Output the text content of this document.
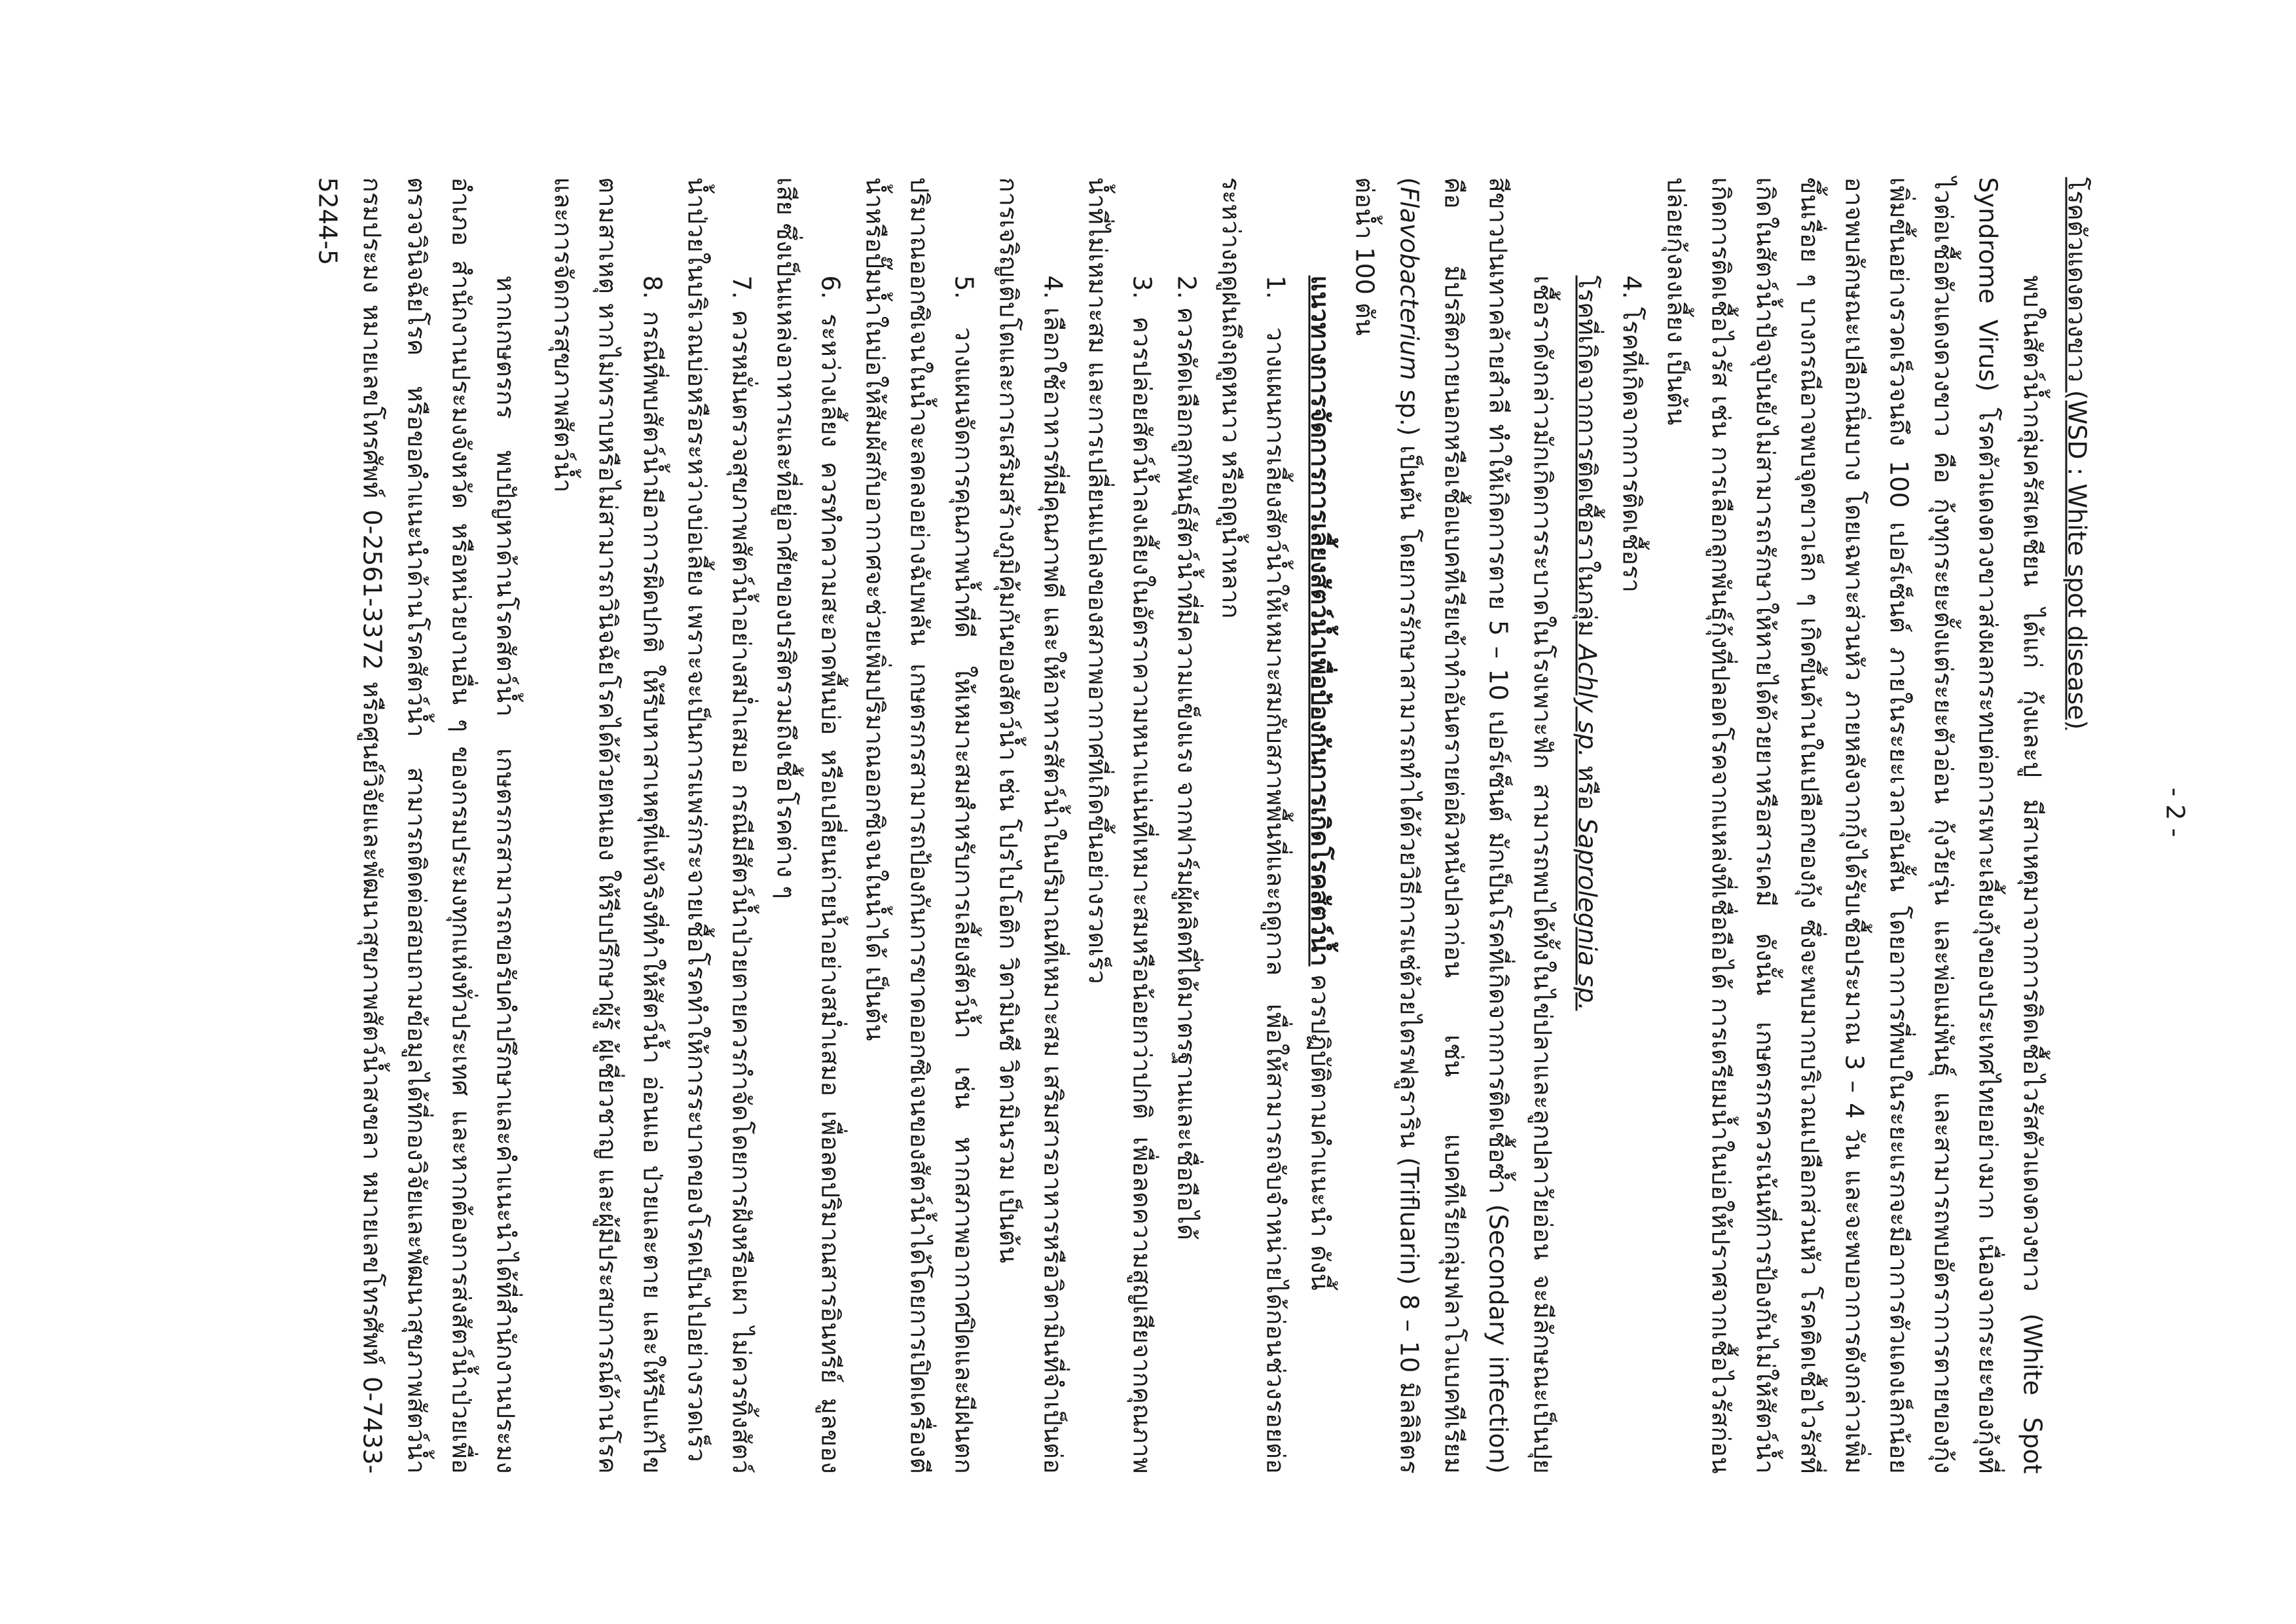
- 2 -

โรคตัวแดงดวงขาว (WSD : White spot disease)

พบในสัตว์น้ำกลุ่มครัสเตเชียน ได้แก่ กุ้งและปู มีสาเหตุมาจากการติดเชื้อไวรัสตัวแดงดวงขาว (White Spot Syndrome Virus) โรคตัวแดงดวงขาวส่งผลกระทบต่อการเพาะเลี้ยงกุ้งของประเทศไทยอย่างมาก เนื่องจากระยะของกุ้งที่ไวต่อเชื้อตัวแดงดวงขาว คือ กุ้งทุกระยะตั้งแต่ระยะตัวอ่อน กุ้งวัยรุ่น และพ่อแม่พันธุ์ และสามารถพบอัตราการตายของกุ้งเพิ่มขึ้นอย่างรวดเร็วจนถึง 100 เปอร์เซ็นต์ ภายในระยะเวลาอันสั้น โดยอาการที่พบในระยะแรกจะมีอาการตัวแดงเล็กน้อย อาจพบลักษณะเปลือกนิ่มบาง โดยเฉพาะส่วนหัว ภายหลังจากกุ้งได้รับเชื้อประมาณ 3 – 4 วัน และจะพบอาการดังกล่าวเพิ่มขึ้นเรื่อย ๆ บางกรณีอาจพบจุดขาวเล็ก ๆ เกิดขึ้นด้านในเปลือกของกุ้ง ซึ่งจะพบมากบริเวณเปลือกส่วนหัว โรคติดเชื้อไวรัสที่เกิดในสัตว์น้ำปัจจุบันยังไม่สามารถรักษาให้หายได้ด้วยยาหรือสารเคมี ดังนั้น เกษตรกรควรเน้นที่การป้องกันไม่ให้สัตว์น้ำเกิดการติดเชื้อไวรัส เช่น การเลือกลูกพันธุ์กุ้งที่ปลอดโรคจากแหล่งที่เชื่อถือได้ การเตรียมน้ำในบ่อให้ปราศจากเชื้อไวรัสก่อนปล่อยกุ้งลงเลี้ยง เป็นต้น

4. โรคที่เกิดจากการติดเชื้อรา

โรคที่เกิดจากการติดเชื้อราในกลุ่ม Achly sp. หรือ Saprolegnia sp.

เชื้อราดังกล่าวมักเกิดการระบาดในโรงเพาะฟัก สามารถพบได้ทั้งในไข่ปลาและลูกปลาวัยอ่อน จะมีลักษณะเป็นปุยสีขาวปนเทาคล้ายสำลี ทำให้เกิดการตาย 5 – 10 เปอร์เซ็นต์ มักเป็นโรคที่เกิดจากการติดเชื้อซ้ำ (Secondary infection) คือ มีปรสิตภายนอกหรือเชื้อแบคทีเรียเข้าทำอันตรายต่อผิวหนังปลาก่อน เช่น แบคทีเรียกลุ่มฟลาโวแบคทีเรียม (Flavobacterium sp.) เป็นต้น โดยการรักษาสามารถทำได้ด้วยวิธีการแช่ด้วยไตรฟลูราริน (Trifluarin) 8 – 10 มิลลิลิตรต่อน้ำ 100 ตัน

แนวทางการจัดการการเลี้ยงสัตว์น้ำเพื่อป้องกันการเกิดโรคสัตว์น้ำ ควรปฏิบัติตามคำแนะนำ ดังนี้

1. วางแผนการเลี้ยงสัตว์น้ำให้เหมาะสมกับสภาพพื้นที่และฤดูกาล เพื่อให้สามารถจับจำหน่ายได้ก่อนช่วงรอยต่อระหว่างฤดูฝนถึงฤดูหนาว หรือฤดูน้ำหลาก

2. ควรคัดเลือกลูกพันธุ์สัตว์น้ำที่มีความแข็งแรง จากฟาร์มผู้ผลิตที่ได้มาตรฐานและเชื่อถือได้

3. ควรปล่อยสัตว์น้ำลงเลี้ยงในอัตราความหนาแน่นที่เหมาะสมหรือน้อยกว่าปกติ เพื่อลดความสูญเสียจากคุณภาพน้ำที่ไม่เหมาะสม และการเปลี่ยนแปลงของสภาพอากาศที่เกิดขึ้นอย่างรวดเร็ว

4. เลือกใช้อาหารที่มีคุณภาพดี และให้อาหารสัตว์น้ำในปริมาณที่เหมาะสม เสริมสารอาหารหรือวิตามินที่จำเป็นต่อการเจริญเติบโตและการเสริมสร้างภูมิคุ้มกันของสัตว์น้ำ เช่น โปรไบโอติก วิตามินซี วิตามินรวม เป็นต้น

5. วางแผนจัดการคุณภาพน้ำที่ดี ให้เหมาะสมสำหรับการเลี้ยงสัตว์น้ำ เช่น หากสภาพอากาศปิดและมีฝนตก ปริมาณออกซิเจนในน้ำจะลดลงอย่างฉับพลัน เกษตรกรสามารถป้องกันการขาดออกซิเจนของสัตว์น้ำได้โดยการเปิดเครื่องตีน้ำหรือปั๊มน้ำในบ่อให้สัมผัสกับอากาศจะช่วยเพิ่มปริมาณออกซิเจนในน้ำได้ เป็นต้น

6. ระหว่างเลี้ยง ควรทำความสะอาดพื้นบ่อ หรือเปลี่ยนถ่ายน้ำอย่างสม่ำเสมอ เพื่อลดปริมาณสารอินทรีย์ มูลของเสีย ซึ่งเป็นแหล่งอาหารและที่อยู่อาศัยของปรสิตรวมถึงเชื้อโรคต่าง ๆ

7. ควรหมั่นตรวจสุขภาพสัตว์น้ำอย่างสม่ำเสมอ กรณีมีสัตว์น้ำป่วยตายควรกำจัดโดยการฝังหรือเผา ไม่ควรทิ้งสัตว์น้ำป่วยในบริเวณบ่อหรือระหว่างบ่อเลี้ยง เพราะจะเป็นการแพร่กระจายเชื้อโรคทำให้การระบาดของโรคเป็นไปอย่างรวดเร็ว

8. กรณีที่พบสัตว์น้ำมีอาการผิดปกติ ให้รีบหาสาเหตุที่แท้จริงที่ทำให้สัตว์น้ำ อ่อนแอ ป่วยและตาย และให้รีบแก้ไขตามสาเหตุ หากไม่ทราบหรือไม่สามารถวินิจฉัยโรคได้ด้วยตนเอง ให้รีบปรึกษาผู้รู้ ผู้เชี่ยวชาญ และผู้มีประสบการณ์ด้านโรคและการจัดการสุขภาพสัตว์น้ำ

หากเกษตรกร พบปัญหาด้านโรคสัตว์น้ำ เกษตรกรสามารถขอรับคำปรึกษาและคำแนะนำได้ที่สำนักงานประมงอำเภอ สำนักงานประมงจังหวัด หรือหน่วยงานอื่น ๆ ของกรมประมงทุกแห่งทั่วประเทศ และหากต้องการส่งสัตว์น้ำป่วยเพื่อตรวจวินิจฉัยโรค หรือขอคำแนะนำด้านโรคสัตว์น้ำ สามารถติดต่อสอบถามข้อมูลได้ที่กองวิจัยและพัฒนาสุขภาพสัตว์น้ำ กรมประมง หมายเลขโทรศัพท์ 0-2561-3372 หรือศูนย์วิจัยและพัฒนาสุขภาพสัตว์น้ำสงขลา หมายเลขโทรศัพท์ 0-7433-5244-5
